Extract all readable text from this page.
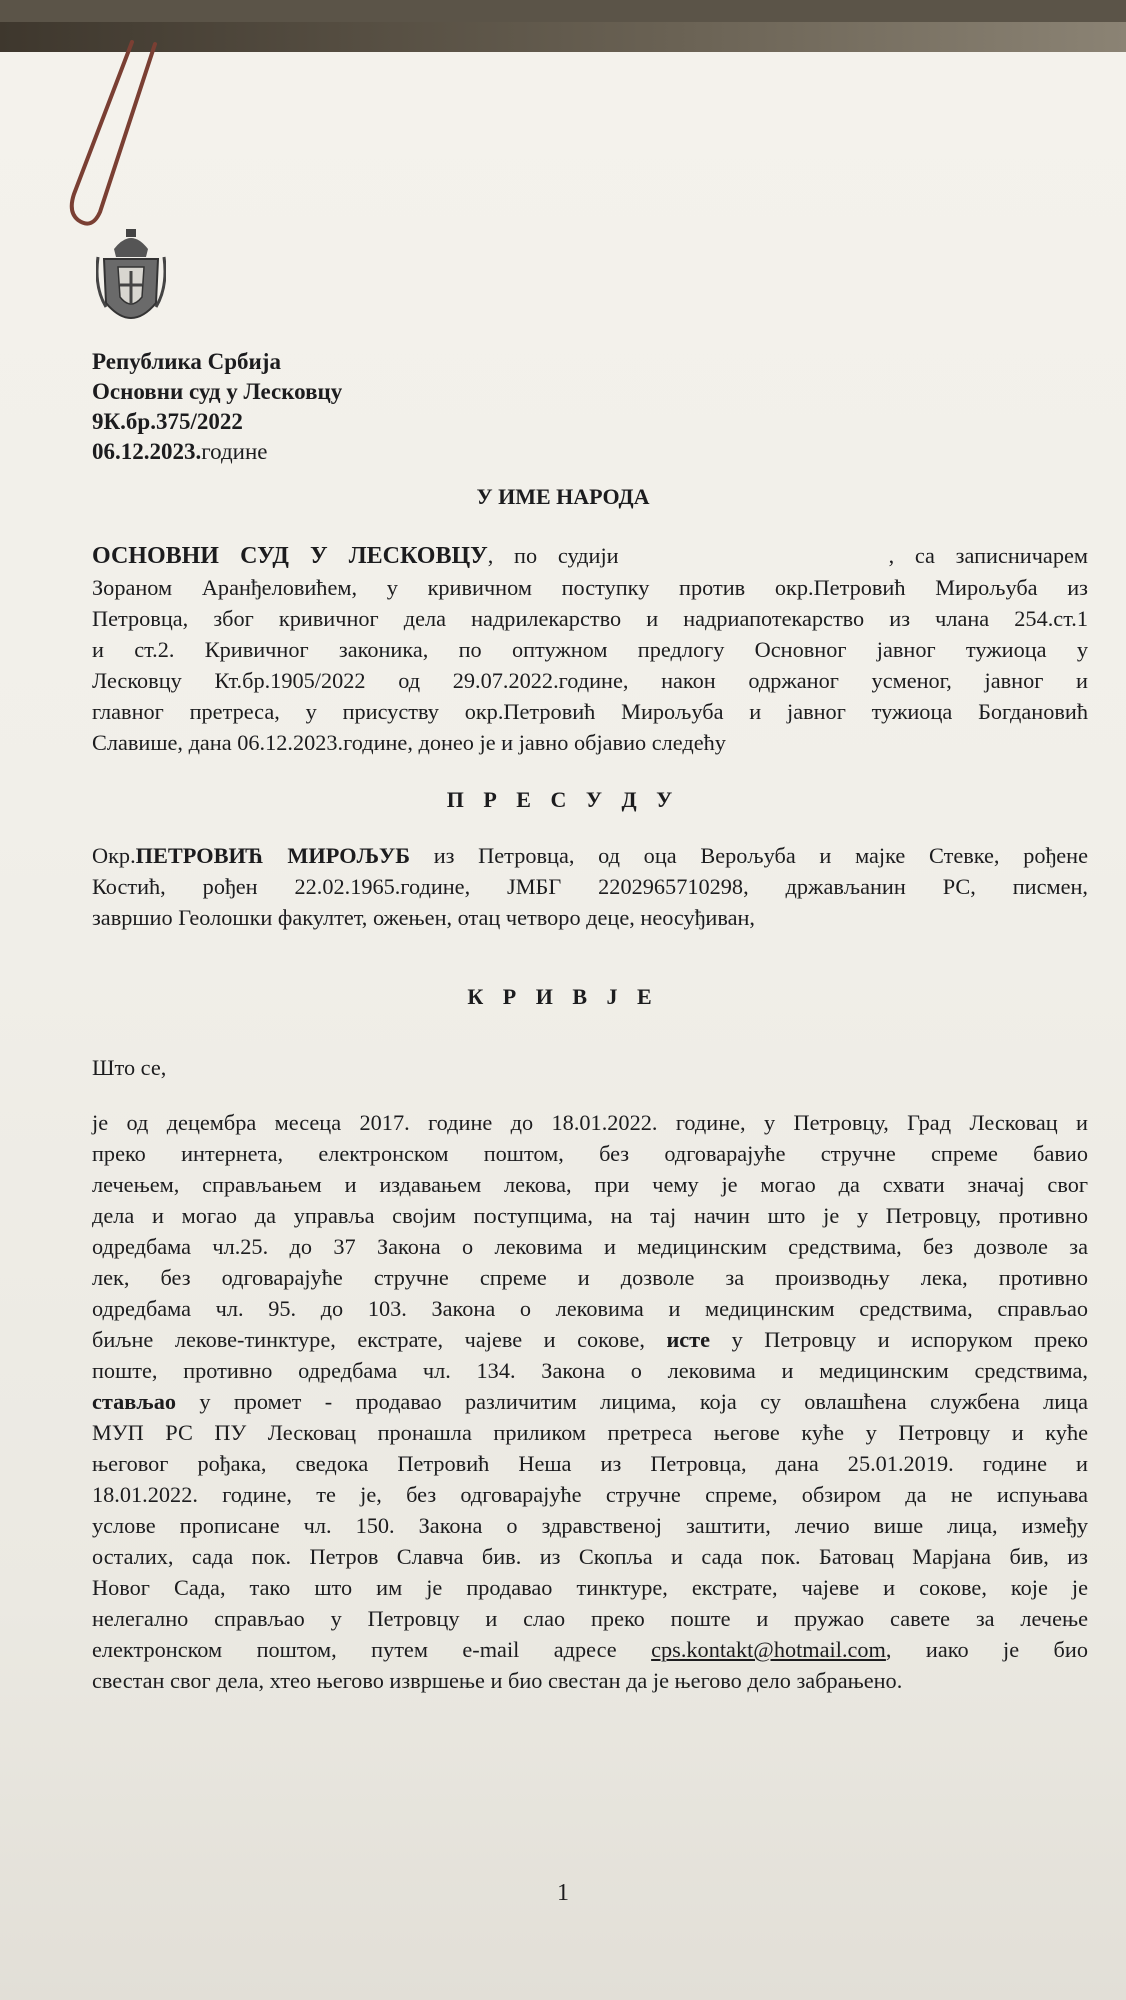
Република Србија
Основни суд у Лесковцу
9К.бр.375/2022
06.12.2023.године
У ИМЕ НАРОДА
ОСНОВНИ СУД У ЛЕСКОВЦУ, по судији	, са записничарем
Зораном Аранђеловићем, у кривичном поступку против окр.Петровић Мирољуба из
Петровца, због кривичног дела надрилекарство и надриапотекарство из члана 254.ст.1
и ст.2. Кривичног законика, по оптужном предлогу Основног јавног тужиоца у
Лесковцу Кт.бр.1905/2022 од 29.07.2022.године, након одржаног усменог, јавног и
главног претреса, у присуству окр.Петровић Мирољуба и јавног тужиоца Богдановић
Славише, дана 06.12.2023.године, донео је и јавно објавио следећу
П Р Е С У Д У
Окр.ПЕТРОВИЋ МИРОЉУБ из Петровца, од оца Верољуба и мајке Стевке, рођене
Костић, рођен 22.02.1965.године, ЈМБГ 2202965710298, држављанин РС, писмен,
завршио Геолошки факултет, ожењен, отац четворо деце, неосуђиван,
К Р И В Ј Е
Што се,
је од децембра месеца 2017. године до 18.01.2022. године, у Петровцу, Град Лесковац и
преко интернета, електронском поштом, без одговарајуће стручне спреме бавио
лечењем, справљањем и издавањем лекова, при чему је могао да схвати значај свог
дела и могао да управља својим поступцима, на тај начин што је у Петровцу, противно
одредбама чл.25. до 37 Закона о лековима и медицинским средствима, без дозволе за
лек, без одговарајуће стручне спреме и дозволе за производњу лека, противно
одредбама чл. 95. до 103. Закона о лековима и медицинским средствима, справљао
биљне лекове-тинктуре, екстрате, чајеве и сокове, исте у Петровцу и испоруком преко
поште, противно одредбама чл. 134. Закона о лековима и медицинским средствима,
стављао у промет - продавао различитим лицима, која су овлашћена службена лица
МУП РС ПУ Лесковац пронашла приликом претреса његове куће у Петровцу и куће
његовог рођака, сведока Петровић Неша из Петровца, дана 25.01.2019. године и
18.01.2022. године, те је, без одговарајуће стручне спреме, обзиром да не испуњава
услове прописане чл. 150. Закона о здравственој заштити, лечио више лица, између
осталих, сада пок. Петров Славча бив. из Скопља и сада пок. Батовац Марјана бив, из
Новог Сада, тако што им је продавао тинктуре, екстрате, чајеве и сокове, које је
нелегално справљао у Петровцу и слао преко поште и пружао савете за лечење
електронском поштом, путем e-mail адресе cps.kontakt@hotmail.com, иако је био
свестан свог дела, хтео његово извршење и био свестан да је његово дело забрањено.
1
